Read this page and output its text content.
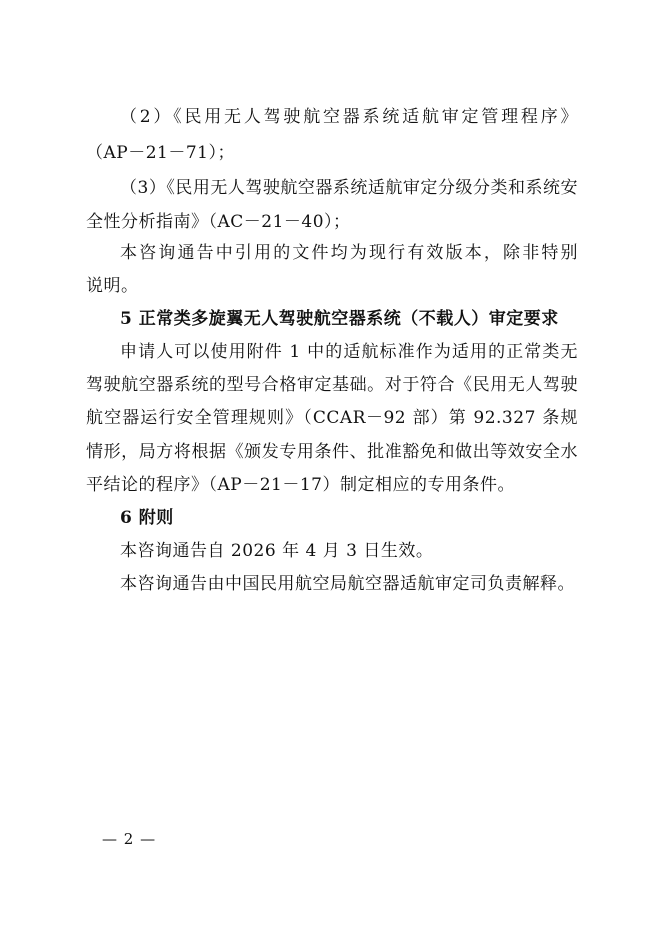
（2）《民用无人驾驶航空器系统适航审定管理程序》
（AP－21－71）；
（3）《民用无人驾驶航空器系统适航审定分级分类和系统安
全性分析指南》（AC－21－40）；
本咨询通告中引用的文件均为现行有效版本，除非特别
说明。
5 正常类多旋翼无人驾驶航空器系统（不载人）审定要求
申请人可以使用附件 1 中的适航标准作为适用的正常类无
驾驶航空器系统的型号合格审定基础。对于符合《民用无人驾驶
航空器运行安全管理规则》（CCAR－92 部）第 92.327 条规
情形，局方将根据《颁发专用条件、批准豁免和做出等效安全水
平结论的程序》（AP－21－17）制定相应的专用条件。
6 附则
本咨询通告自 2026 年 4 月 3 日生效。
本咨询通告由中国民用航空局航空器适航审定司负责解释。
— 2 —
